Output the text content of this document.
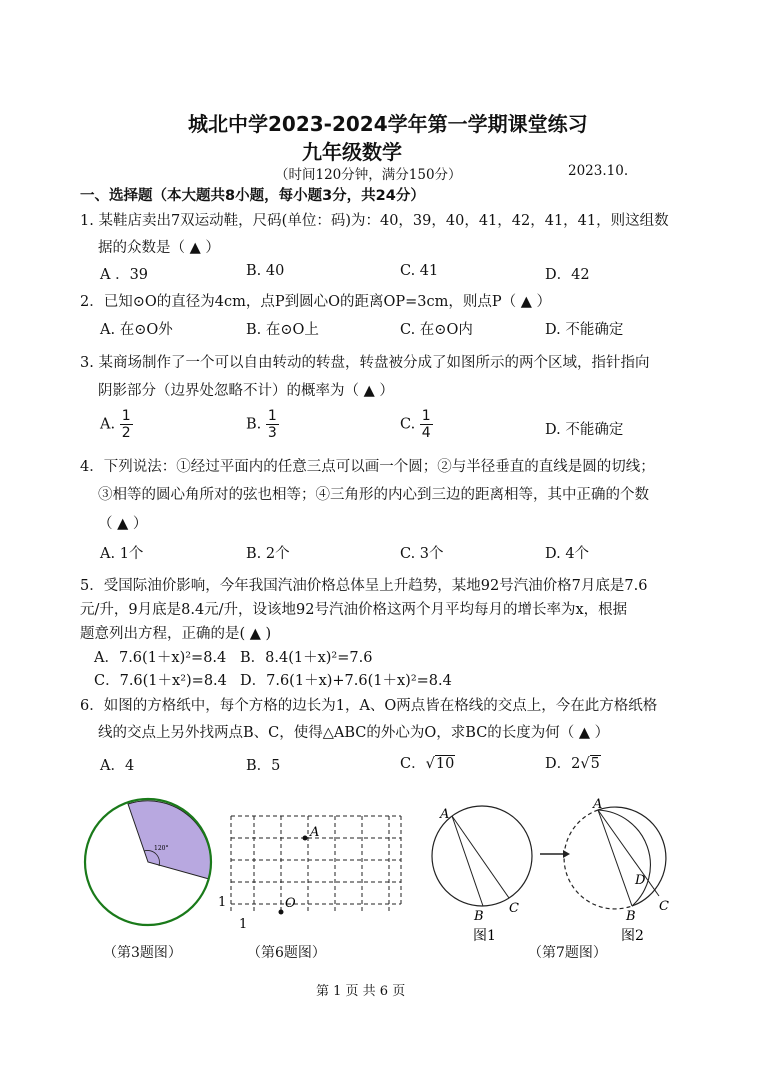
城北中学2023-2024学年第一学期课堂练习
九年级数学
（时间120分钟，满分150分）	2023.10.
一、选择题（本大题共8小题，每小题3分，共24分）
1. 某鞋店卖出7双运动鞋，尺码(单位：码)为：40，39，40，41，42，41，41，则这组数
据的众数是（ ▲ ）
A ．39	B. 40	C. 41	D．42
2．已知⊙O的直径为4cm，点P到圆心O的距离OP=3cm，则点P（ ▲ ）
A. 在⊙O外	B. 在⊙O上	C. 在⊙O内	D. 不能确定
3. 某商场制作了一个可以自由转动的转盘，转盘被分成了如图所示的两个区域，指针指向
阴影部分（边界处忽略不计）的概率为（ ▲ ）
A. $\frac{1}{2}$	B. $\frac{1}{3}$	C. $\frac{1}{4}$	D. 不能确定
4．下列说法：①经过平面内的任意三点可以画一个圆；②与半径垂直的直线是圆的切线；
③相等的圆心角所对的弦也相等；④三角形的内心到三边的距离相等，其中正确的个数
（ ▲ ）
A. 1个	B. 2个	C. 3个	D. 4个
5．受国际油价影响，今年我国汽油价格总体呈上升趋势，某地92号汽油价格7月底是7.6
元/升，9月底是8.4元/升，设该地92号汽油价格这两个月平均每月的增长率为x，根据
题意列出方程，正确的是( ▲ )
A．7.6(1＋x)²=8.4 B．8.4(1＋x)²=7.6
C．7.6(1＋x²)=8.4 D．7.6(1＋x)+7.6(1＋x)²=8.4
6．如图的方格纸中，每个方格的边长为1，A、O两点皆在格线的交点上，今在此方格纸格
线的交点上另外找两点B、C，使得△ABC的外心为O，求BC的长度为何（ ▲ ）
A．4	B．5	C．√10	D．2√5
120°
（第3题图）
A
O
1
1
（第6题图）
A
B
C
图1
A
D
B
C
图2
（第7题图）
第 1 页 共 6 页
